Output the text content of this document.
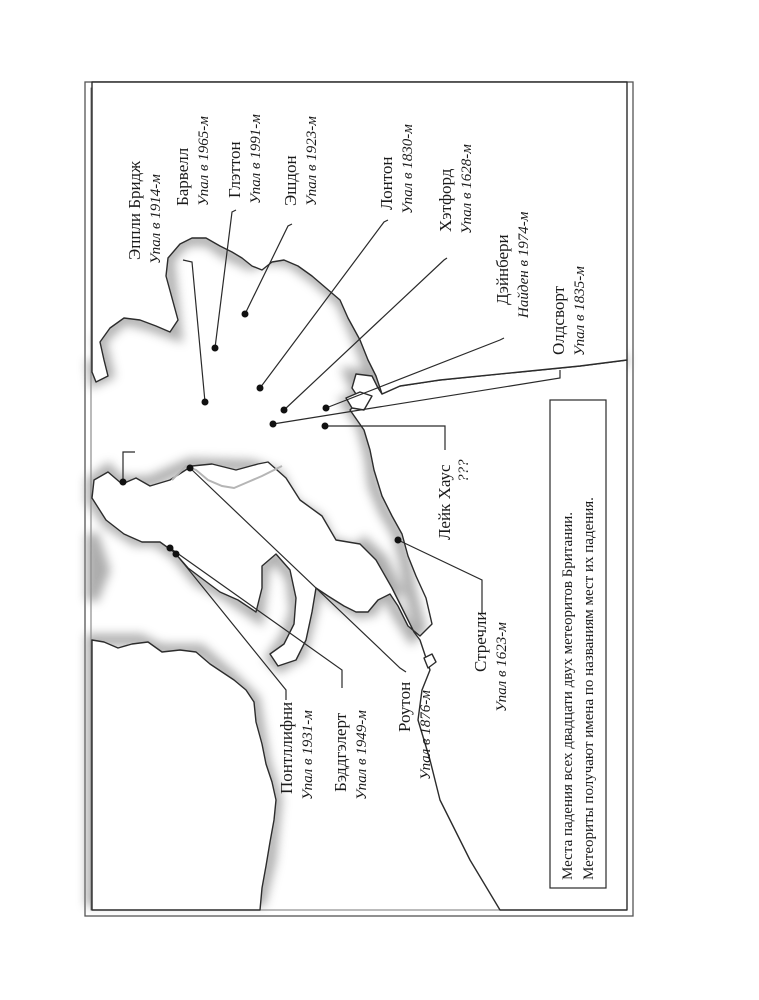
Эппли Бридж Упал в 1914-м Барвелл Упал в 1965-м Глэттон Упал в 1991-м Эшдон Упал в 1923-м	Лонтон Упал в 1830-м Хэтфорд Упал в 1628-м
Дэйнбери Найден в 1974-м
Олдсворт Упал в 1835-м
Лейк Хаус ???
Стречли Упал в 1623-м
Роутон Упал в 1876-м
Бэддгэлерт Упал в 1949-м
Понтллифни Упал в 1931-м	Места падения всех двадцати двух метеоритов Британии. Метеориты получают имена по названиям мест их падения.
